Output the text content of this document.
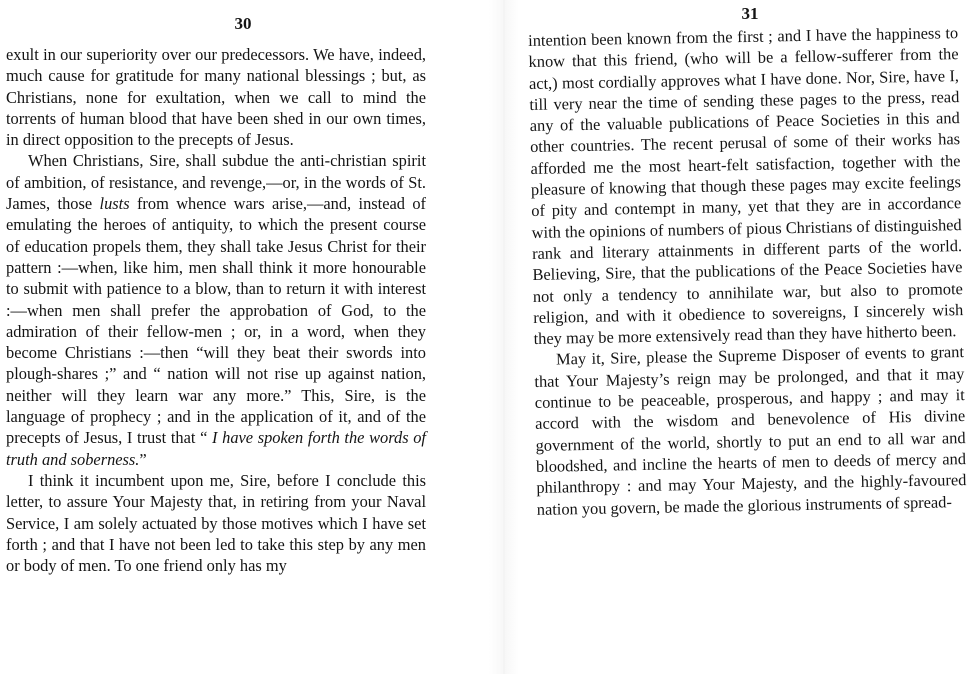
30

exult in our superiority over our predecessors. We have, indeed, much cause for gratitude for many national blessings ; but, as Christians, none for exultation, when we call to mind the torrents of human blood that have been shed in our own times, in direct opposition to the precepts of Jesus.

When Christians, Sire, shall subdue the anti-christian spirit of ambition, of resistance, and revenge,—or, in the words of St. James, those lusts from whence wars arise,—and, instead of emulating the heroes of antiquity, to which the present course of education propels them, they shall take Jesus Christ for their pattern :—when, like him, men shall think it more honourable to submit with patience to a blow, than to return it with interest :—when men shall prefer the approbation of God, to the admiration of their fellow-men ; or, in a word, when they become Christians :—then “will they beat their swords into plough-shares ;” and “ nation will not rise up against nation, neither will they learn war any more.” This, Sire, is the language of prophecy ; and in the application of it, and of the precepts of Jesus, I trust that “ I have spoken forth the words of truth and soberness.”

I think it incumbent upon me, Sire, before I conclude this letter, to assure Your Majesty that, in retiring from your Naval Service, I am solely actuated by those motives which I have set forth ; and that I have not been led to take this step by any men or body of men. To one friend only has my

31

intention been known from the first ; and I have the happiness to know that this friend, (who will be a fellow-sufferer from the act,) most cordially approves what I have done. Nor, Sire, have I, till very near the time of sending these pages to the press, read any of the valuable publications of Peace Societies in this and other countries. The recent perusal of some of their works has afforded me the most heart-felt satisfaction, together with the pleasure of knowing that though these pages may excite feelings of pity and contempt in many, yet that they are in accordance with the opinions of numbers of pious Christians of distinguished rank and literary attainments in different parts of the world. Believing, Sire, that the publications of the Peace Societies have not only a tendency to annihilate war, but also to promote religion, and with it obedience to sovereigns, I sincerely wish they may be more extensively read than they have hitherto been.

May it, Sire, please the Supreme Disposer of events to grant that Your Majesty’s reign may be prolonged, and that it may continue to be peaceable, prosperous, and happy ; and may it accord with the wisdom and benevolence of His divine government of the world, shortly to put an end to all war and bloodshed, and incline the hearts of men to deeds of mercy and philanthropy : and may Your Majesty, and the highly-favoured nation you govern, be made the glorious instruments of spread-
